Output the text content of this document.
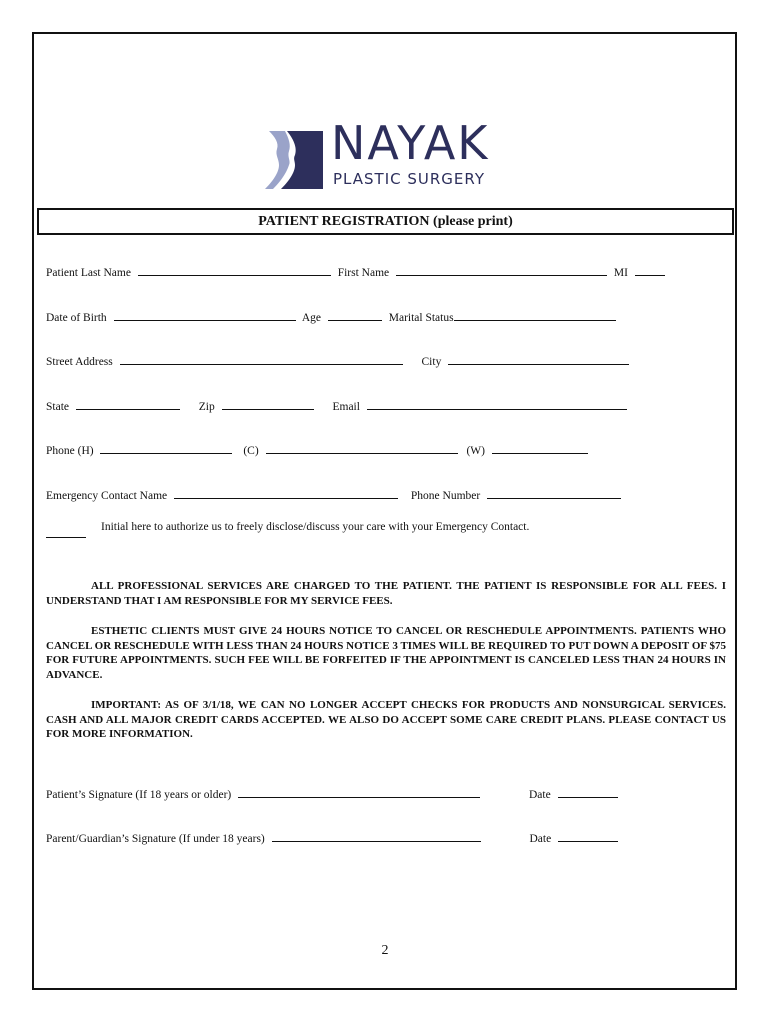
NAYAK
PLASTIC SURGERY
PATIENT REGISTRATION (please print)
Patient Last Name	First Name	MI
Date of Birth	Age	Marital Status
Street Address	City
State	Zip	Email
Phone (H)	(C)	(W)
Emergency Contact Name	Phone Number
Initial here to authorize us to freely disclose/discuss your care with your Emergency Contact.
ALL PROFESSIONAL SERVICES ARE CHARGED TO THE PATIENT. THE PATIENT IS RESPONSIBLE FOR ALL FEES. I UNDERSTAND THAT I AM RESPONSIBLE FOR MY SERVICE FEES.
ESTHETIC CLIENTS MUST GIVE 24 HOURS NOTICE TO CANCEL OR RESCHEDULE APPOINTMENTS. PATIENTS WHO CANCEL OR RESCHEDULE WITH LESS THAN 24 HOURS NOTICE 3 TIMES WILL BE REQUIRED TO PUT DOWN A DEPOSIT OF $75 FOR FUTURE APPOINTMENTS. SUCH FEE WILL BE FORFEITED IF THE APPOINTMENT IS CANCELED LESS THAN 24 HOURS IN ADVANCE.
IMPORTANT: AS OF 3/1/18, WE CAN NO LONGER ACCEPT CHECKS FOR PRODUCTS AND NONSURGICAL SERVICES. CASH AND ALL MAJOR CREDIT CARDS ACCEPTED. WE ALSO DO ACCEPT SOME CARE CREDIT PLANS. PLEASE CONTACT US FOR MORE INFORMATION.
Patient’s Signature (If 18 years or older)	Date
Parent/Guardian’s Signature (If under 18 years)	Date
2
